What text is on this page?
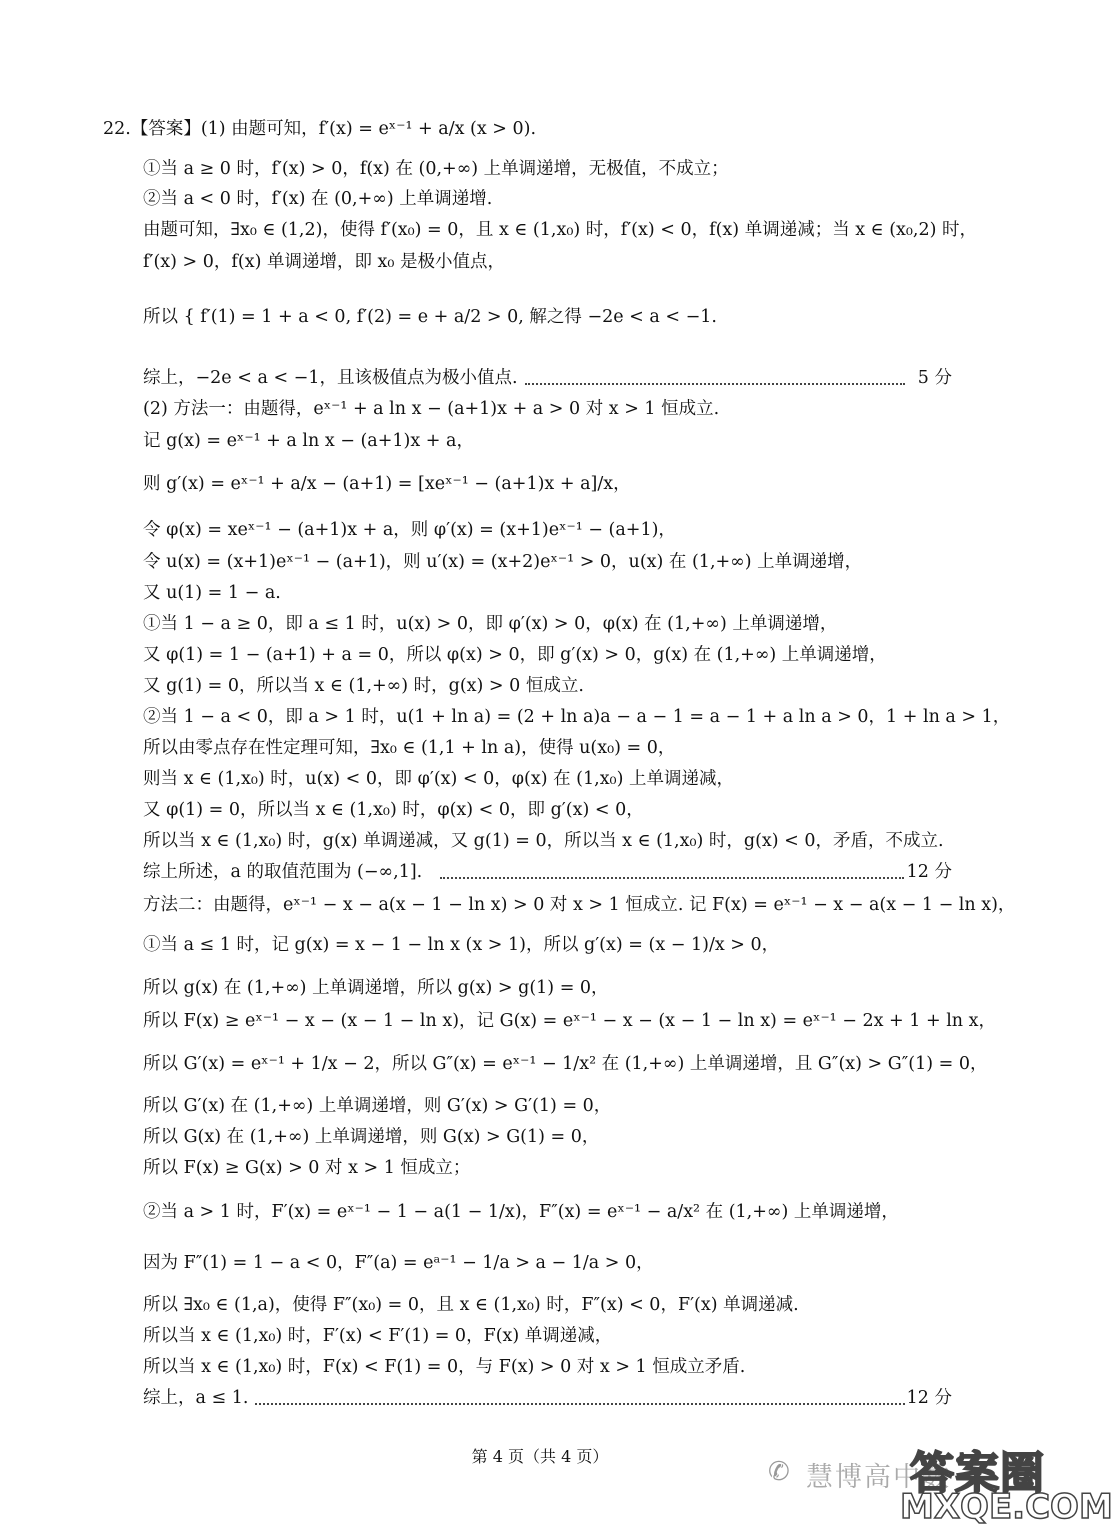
22.【答案】(1) 由题可知，f′(x) = eˣ⁻¹ + a/x (x > 0).
①当 a ≥ 0 时，f′(x) > 0，f(x) 在 (0,+∞) 上单调递增，无极值，不成立；
②当 a < 0 时，f′(x) 在 (0,+∞) 上单调递增.
由题可知，∃x₀ ∈ (1,2)，使得 f′(x₀) = 0，且 x ∈ (1,x₀) 时，f′(x) < 0，f(x) 单调递减；当 x ∈ (x₀,2) 时，
f′(x) > 0，f(x) 单调递增，即 x₀ 是极小值点，
所以 { f′(1) = 1 + a < 0, f′(2) = e + a/2 > 0, 解之得 −2e < a < −1.
综上，−2e < a < −1，且该极值点为极小值点.	5 分
(2) 方法一：由题得，eˣ⁻¹ + a ln x − (a+1)x + a > 0 对 x > 1 恒成立.
记 g(x) = eˣ⁻¹ + a ln x − (a+1)x + a，
则 g′(x) = eˣ⁻¹ + a/x − (a+1) = [xeˣ⁻¹ − (a+1)x + a]/x，
令 φ(x) = xeˣ⁻¹ − (a+1)x + a，则 φ′(x) = (x+1)eˣ⁻¹ − (a+1)，
令 u(x) = (x+1)eˣ⁻¹ − (a+1)，则 u′(x) = (x+2)eˣ⁻¹ > 0，u(x) 在 (1,+∞) 上单调递增，
又 u(1) = 1 − a.
①当 1 − a ≥ 0，即 a ≤ 1 时，u(x) > 0，即 φ′(x) > 0，φ(x) 在 (1,+∞) 上单调递增，
又 φ(1) = 1 − (a+1) + a = 0，所以 φ(x) > 0，即 g′(x) > 0，g(x) 在 (1,+∞) 上单调递增，
又 g(1) = 0，所以当 x ∈ (1,+∞) 时，g(x) > 0 恒成立.
②当 1 − a < 0，即 a > 1 时，u(1 + ln a) = (2 + ln a)a − a − 1 = a − 1 + a ln a > 0，1 + ln a > 1，
所以由零点存在性定理可知，∃x₀ ∈ (1,1 + ln a)，使得 u(x₀) = 0，
则当 x ∈ (1,x₀) 时，u(x) < 0，即 φ′(x) < 0，φ(x) 在 (1,x₀) 上单调递减，
又 φ(1) = 0，所以当 x ∈ (1,x₀) 时，φ(x) < 0，即 g′(x) < 0，
所以当 x ∈ (1,x₀) 时，g(x) 单调递减，又 g(1) = 0，所以当 x ∈ (1,x₀) 时，g(x) < 0，矛盾，不成立.
综上所述，a 的取值范围为 (−∞,1].	12 分
方法二：由题得，eˣ⁻¹ − x − a(x − 1 − ln x) > 0 对 x > 1 恒成立. 记 F(x) = eˣ⁻¹ − x − a(x − 1 − ln x)，
①当 a ≤ 1 时，记 g(x) = x − 1 − ln x (x > 1)，所以 g′(x) = (x − 1)/x > 0，
所以 g(x) 在 (1,+∞) 上单调递增，所以 g(x) > g(1) = 0，
所以 F(x) ≥ eˣ⁻¹ − x − (x − 1 − ln x)，记 G(x) = eˣ⁻¹ − x − (x − 1 − ln x) = eˣ⁻¹ − 2x + 1 + ln x，
所以 G′(x) = eˣ⁻¹ + 1/x − 2，所以 G″(x) = eˣ⁻¹ − 1/x² 在 (1,+∞) 上单调递增，且 G″(x) > G″(1) = 0，
所以 G′(x) 在 (1,+∞) 上单调递增，则 G′(x) > G′(1) = 0，
所以 G(x) 在 (1,+∞) 上单调递增，则 G(x) > G(1) = 0，
所以 F(x) ≥ G(x) > 0 对 x > 1 恒成立；
②当 a > 1 时，F′(x) = eˣ⁻¹ − 1 − a(1 − 1/x)，F″(x) = eˣ⁻¹ − a/x² 在 (1,+∞) 上单调递增，
因为 F″(1) = 1 − a < 0，F″(a) = eᵃ⁻¹ − 1/a > a − 1/a > 0，
所以 ∃x₀ ∈ (1,a)，使得 F″(x₀) = 0，且 x ∈ (1,x₀) 时，F″(x) < 0，F′(x) 单调递减.
所以当 x ∈ (1,x₀) 时，F′(x) < F′(1) = 0，F(x) 单调递减，
所以当 x ∈ (1,x₀) 时，F(x) < F(1) = 0，与 F(x) > 0 对 x > 1 恒成立矛盾.
综上，a ≤ 1.	12 分
第 4 页（共 4 页）
✆ 慧博高中数
答案圈
MXQE.COM
